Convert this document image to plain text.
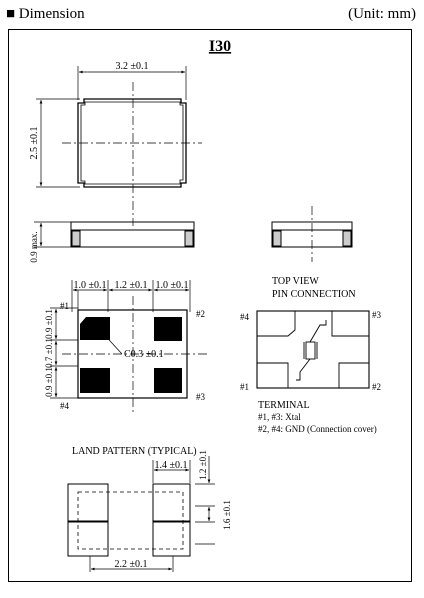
■ Dimension	(Unit: mm)
I30
3.2 ±0.1
2.5 ±0.1
0.9 max.
1.0 ±0.1 1.2 ±0.1 1.0 ±0.1
0.9 ±0.1
0.7 ±0.1
0.9 ±0.1
C0.3 ±0.1
#1
#2
#3
#4
TOP VIEW
PIN CONNECTION
#4	#3
#1	#2
TERMINAL
#1, #3: Xtal
#2, #4: GND (Connection cover)
LAND PATTERN (TYPICAL)
1.4 ±0.1 1.2 ±0.1
1.6 ±0.1
2.2 ±0.1
